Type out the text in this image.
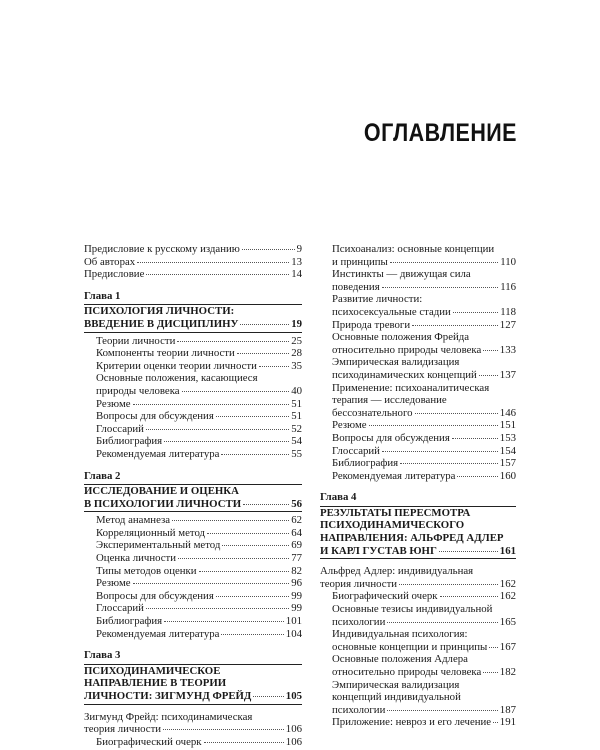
ОГЛАВЛЕНИЕ
Предисловие к русскому изданию	9
Об авторах	13
Предисловие	14
Глава 1
ПСИХОЛОГИЯ ЛИЧНОСТИ:
ВВЕДЕНИЕ В ДИСЦИПЛИНУ	19
Теории личности	25
Компоненты теории личности	28
Критерии оценки теории личности	35
Основные положения, касающиеся
природы человека	40
Резюме	51
Вопросы для обсуждения	51
Глоссарий	52
Библиография	54
Рекомендуемая литература	55
Глава 2
ИССЛЕДОВАНИЕ И ОЦЕНКА
В ПСИХОЛОГИИ ЛИЧНОСТИ	56
Метод анамнеза	62
Корреляционный метод	64
Экспериментальный метод	69
Оценка личности	77
Типы методов оценки	82
Резюме	96
Вопросы для обсуждения	99
Глоссарий	99
Библиография	101
Рекомендуемая литература	104
Глава 3
ПСИХОДИНАМИЧЕСКОЕ
НАПРАВЛЕНИЕ В ТЕОРИИ
ЛИЧНОСТИ: ЗИГМУНД ФРЕЙД	105
Зигмунд Фрейд: психодинамическая
теория личности	106
Биографический очерк	106
Психоанализ: основные концепции
и принципы	110
Инстинкты — движущая сила
поведения	116
Развитие личности:
психосексуальные стадии	118
Природа тревоги	127
Основные положения Фрейда
относительно природы человека 133
Эмпирическая валидизация
психодинамических концепций 137
Применение: психоаналитическая
терапия — исследование
бессознательного	146
Резюме	151
Вопросы для обсуждения	153
Глоссарий	154
Библиография	157
Рекомендуемая литература	160
Глава 4
РЕЗУЛЬТАТЫ ПЕРЕСМОТРА
ПСИХОДИНАМИЧЕСКОГО
НАПРАВЛЕНИЯ: АЛЬФРЕД АДЛЕР
И КАРЛ ГУСТАВ ЮНГ	161
Альфред Адлер: индивидуальная
теория личности	162
Биографический очерк	162
Основные тезисы индивидуальной
психологии	165
Индивидуальная психология:
основные концепции и принципы 167
Основные положения Адлера
относительно природы человека 182
Эмпирическая валидизация
концепций индивидуальной
психологии	187
Приложение: невроз и его лечение 191
